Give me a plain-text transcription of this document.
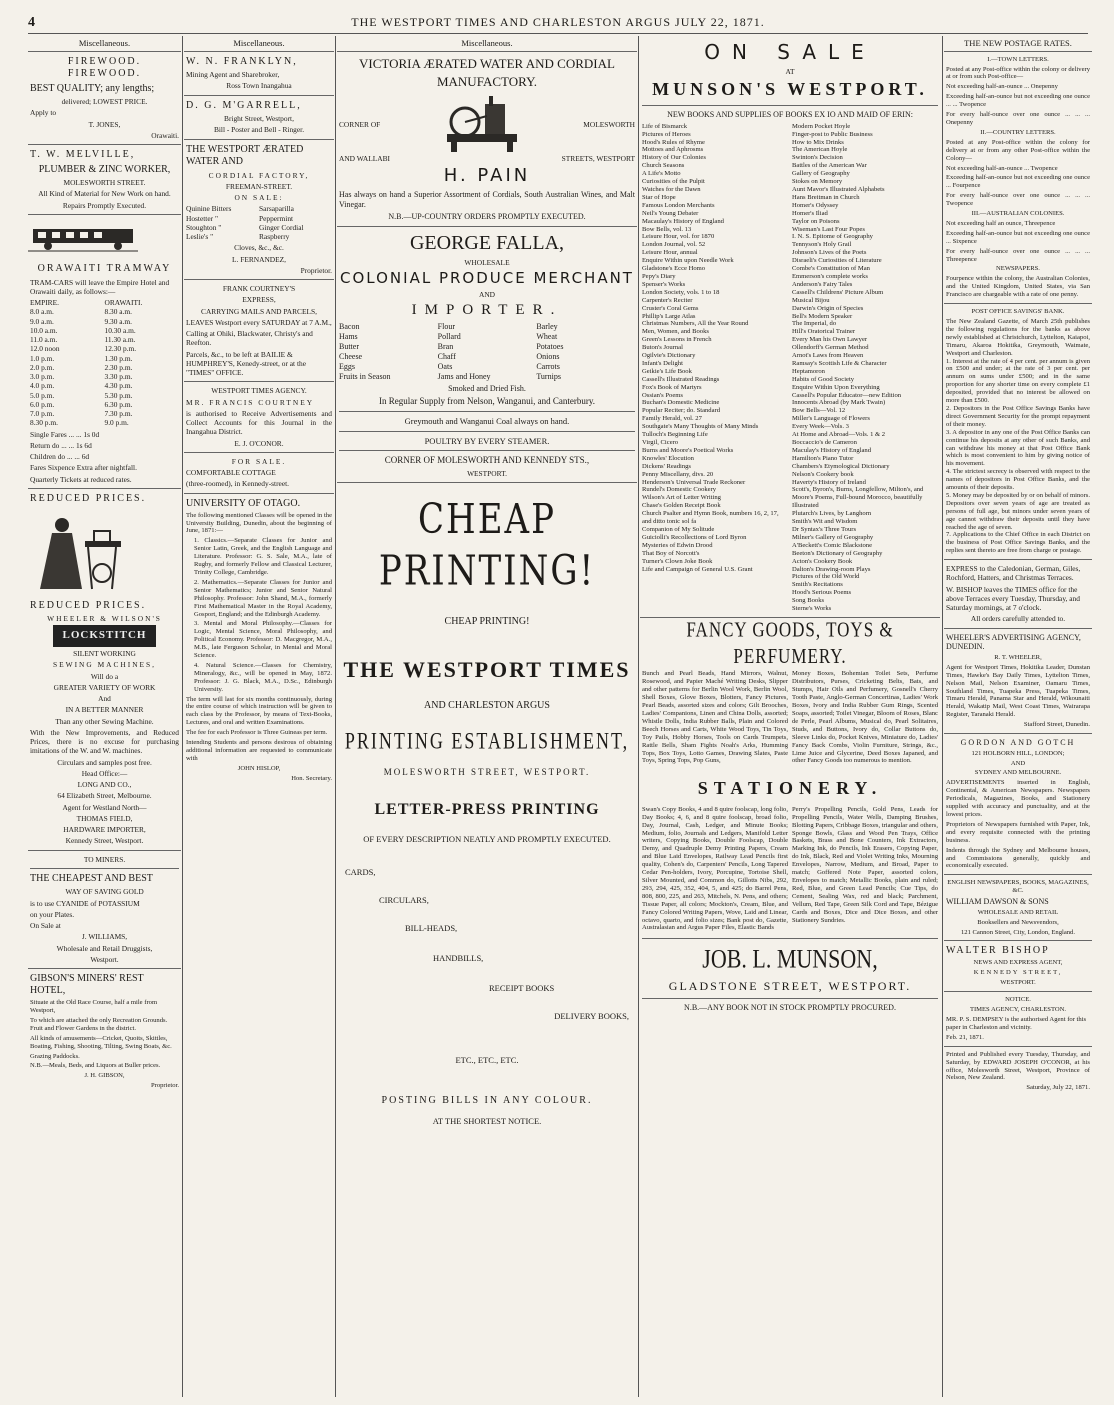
4	THE WESTPORT TIMES AND CHARLESTON ARGUS JULY 22, 1871.
Miscellaneous.

FIREWOOD. FIREWOOD.

BEST QUALITY; any lengths;

delivered; LOWEST PRICE.

Apply to

T. JONES,

Orawaiti.

T. W. MELVILLE,

PLUMBER & ZINC WORKER,

MOLESWORTH STREET.

All Kind of Material for New Work on hand.

Repairs Promptly Executed.

ORAWAITI TRAMWAY

TRAM-CARS will leave the Empire Hotel and Orawaiti daily, as follows:—

EMPIRE.	ORAWAITI.
8.0 a.m.	8.30 a.m.
9.0 a.m.	9.30 a.m.
10.0 a.m.	10.30 a.m.
11.0 a.m.	11.30 a.m.
12.0 noon	12.30 p.m.
1.0 p.m.	1.30 p.m.
2.0 p.m.	2.30 p.m.
3.0 p.m.	3.30 p.m.
4.0 p.m.	4.30 p.m.
5.0 p.m.	5.30 p.m.
6.0 p.m.	6.30 p.m.
7.0 p.m.	7.30 p.m.
8.30 p.m.	9.0 p.m.

Single Fares ... ... 1s 0d

Return do ... ... 1s 6d

Children do ... ... 6d

Fares Sixpence Extra after nightfall.

Quarterly Tickets at reduced rates.

REDUCED PRICES.

REDUCED PRICES.

WHEELER & WILSON'S

LOCKSTITCH

SILENT WORKING

SEWING MACHINES,

Will do a

GREATER VARIETY OF WORK

And

IN A BETTER MANNER

Than any other Sewing Machine.

With the New Improvements, and Reduced Prices, there is no excuse for purchasing imitations of the W. and W. machines.

Circulars and samples post free.

Head Office:—

LONG AND CO.,

64 Elizabeth Street, Melbourne.

Agent for Westland North—

THOMAS FIELD,

HARDWARE IMPORTER,

Kennedy Street, Westport.

TO MINERS.

THE CHEAPEST AND BEST

WAY OF SAVING GOLD

is to use CYANIDE of POTASSIUM

on your Plates.

On Sale at

J. WILLIAMS,

Wholesale and Retail Druggists,

Westport.

GIBSON'S MINERS' REST HOTEL,

Situate at the Old Race Course, half a mile from Westport,

To which are attached the only Recreation Grounds. Fruit and Flower Gardens in the district.

All kinds of amusements—Cricket, Quoits, Skittles, Boating, Fishing, Shooting, Tilting, Swing Boats, &c.

Grazing Paddocks.

N.B.—Meals, Beds, and Liquors at Buller prices.

J. H. GIBSON,

Proprietor.

Miscellaneous.

W. N. FRANKLYN,

Mining Agent and Sharebroker,

Ross Town Inangahua

D. G. M'GARRELL,

Bright Street, Westport,

Bill - Poster and Bell - Ringer.

THE WESTPORT ÆRATED WATER AND

CORDIAL FACTORY,

FREEMAN-STREET.

ON SALE:

Quinine Bitters	Sarsaparilla
Hostetter "	Peppermint
Stoughton "	Ginger Cordial
Leslie's "	Raspberry

Cloves, &c., &c.

L. FERNANDEZ,

Proprietor.

FRANK COURTNEY'S

EXPRESS,

CARRYING MAILS AND PARCELS,

LEAVES Westport every SATURDAY at 7 A.M.,

Calling at Ohiki, Blackwater, Christy's and Reefton.

Parcels, &c., to be left at BAILIE & HUMPHREY'S, Kenedy-street, or at the "TIMES" OFFICE.

WESTPORT TIMES AGENCY.

MR. FRANCIS COURTNEY

is authorised to Receive Advertisements and Collect Accounts for this Journal in the Inangahua District.

E. J. O'CONOR.

FOR SALE.

COMFORTABLE COTTAGE

(three-roomed), in Kennedy-street.

UNIVERSITY OF OTAGO.

The following mentioned Classes will be opened in the University Building, Dunedin, about the beginning of June, 1871:—

1. Classics.—Separate Classes for Junior and Senior Latin, Greek, and the English Language and Literature. Professor: G. S. Sale, M.A., late of Rugby, and formerly Fellow and Classical Lecturer, Trinity College, Cambridge.

2. Mathematics.—Separate Classes for Junior and Senior Mathematics; Junior and Senior Natural Philosophy. Professor: John Shand, M.A., formerly First Mathematical Master in the Royal Academy, Gosport, England; and the Edinburgh Academy.

3. Mental and Moral Philosophy.—Classes for Logic, Mental Science, Moral Philosophy, and Political Economy. Professor: D. Macgregor, M.A., M.B., late Ferguson Scholar, in Mental and Moral Science.

4. Natural Science.—Classes for Chemistry, Mineralogy, &c., will be opened in May, 1872. Professor: J. G. Black, M.A., D.Sc., Edinburgh University.

The term will last for six months continuously, during the entire course of which instruction will be given to each class by the Professor, by means of Text-Books, Lectures, and oral and written Examinations.

The fee for each Professor is Three Guineas per term.

Intending Students and persons desirous of obtaining additional information are requested to communicate with

JOHN HISLOP,

Hon. Secretary.

Miscellaneous.

VICTORIA ÆRATED WATER AND CORDIAL

MANUFACTORY.

CORNER OF	MOLESWORTH
AND WALLABI	STREETS, WESTPORT

H. PAIN

Has always on hand a Superior Assortment of Cordials, South Australian Wines, and Malt Vinegar.

N.B.—UP-COUNTRY ORDERS PROMPTLY EXECUTED.

GEORGE FALLA,

WHOLESALE

COLONIAL PRODUCE MERCHANT

AND

IMPORTER.

Bacon	Flour	Barley
Hams	Pollard	Wheat
Butter	Bran	Potatoes
Cheese	Chaff	Onions
Eggs	Oats	Carrots
Fruits in Season	Jams and Honey	Turnips

Smoked and Dried Fish.

In Regular Supply from Nelson, Wanganui, and Canterbury.

Greymouth and Wanganui Coal always on hand.

POULTRY BY EVERY STEAMER.

CORNER OF MOLESWORTH AND KENNEDY STS.,

WESTPORT.

CHEAP PRINTING!

CHEAP PRINTING!

THE WESTPORT TIMES

AND CHARLESTON ARGUS

PRINTING ESTABLISHMENT,

MOLESWORTH STREET, WESTPORT.

LETTER-PRESS PRINTING

OF EVERY DESCRIPTION NEATLY AND PROMPTLY EXECUTED.

CARDS,
CIRCULARS,
BILL-HEADS,
HANDBILLS,
RECEIPT BOOKS
DELIVERY BOOKS,

ETC., ETC., ETC.

POSTING BILLS IN ANY COLOUR.

AT THE SHORTEST NOTICE.

ON SALE

AT

MUNSON'S WESTPORT.

NEW BOOKS AND SUPPLIES OF BOOKS EX IO AND MAID OF ERIN:

Life of Bismarck
Pictures of Heroes
Hood's Rules of Rhyme
Mottoes and Aphrosms
History of Our Colonies
Church Seasons
A Life's Motto
Curiosities of the Pulpit
Watches for the Dawn
Star of Hope
Famous London Merchants
Neil's Young Debater
Macaulay's History of England
Bow Bells, vol. 13
Leisure Hour, vol. for 1870
London Journal, vol. 52
Leisure Hour, annual
Enquire Within upon Needle Work
Gladstone's Ecce Homo
Pepy's Diary
Spenser's Works
London Society, vols. 1 to 18
Carpenter's Reciter
Cruster's Coral Gems
Phillip's Large Atlas
Christmas Numbers, All the Year Round
Men, Women, and Books
Green's Lessons in French
Buton's Journal
Ogilvie's Dictionary
Infant's Delight
Geikie's Life Book
Cassell's Illustrated Readings
Fox's Book of Martyrs
Ossian's Poems
Buchan's Domestic Medicine
Popular Reciter; do. Standard
Family Herald, vol. 27
Southgate's Many Thoughts of Many Minds
Tulloch's Beginning Life
Virgil, Cicero
Burns and Moore's Poetical Works
Knowles' Elocution
Dickens' Readings
Penny Miscellany, divs. 20
Henderson's Universal Trade Reckoner
Rundel's Domestic Cookery
Wilson's Art of Letter Writing
Chase's Golden Receipt Book
Church Psalter and Hymn Book, numbers 16, 2, 17, and ditto tonic sol fa
Companion of My Solitude
Guiciolli's Recollections of Lord Byron
Mysteries of Edwin Drood
That Boy of Norcott's
Turner's Clown Joke Book
Life and Campaign of General U.S. Grant
Modern Pocket Hoyle
Finger-post to Public Business
How to Mix Drinks
The American Hoyle
Swinton's Decision
Battles of the American War
Gallery of Geography
Stokes on Memory
Aunt Mavor's Illustrated Alphabets
Hans Breitman in Church
Homer's Odyssey
Homer's Iliad
Taylor on Poisons
Wiseman's Last Four Popes
I. N. S. Epitome of Geography
Tennyson's Holy Grail
Johnson's Lives of the Poets
Disraeli's Curiosities of Literature
Combe's Constitution of Man
Emmerson's complete works
Anderson's Fairy Tales
Cassell's Childrens' Picture Album
Musical Bijou
Darwin's Origin of Species
Bell's Modern Speaker
The Imperial, do
Hill's Oratorical Trainer
Every Man his Own Lawyer
Ollendorff's German Method
Arnot's Laws from Heaven
Ramsay's Scottish Life & Character
Heptamoron
Habits of Good Society
Enquire Within Upon Everything
Cassell's Popular Educator—new Edition
Innocents Abroad (by Mark Twain)
Bow Bells—Vol. 12
Miller's Language of Flowers
Every Week—Vols. 3
At Home and Abroad—Vols. 1 & 2
Boccaccio's de Cameron
Maculay's History of England
Hamilton's Piano Tutor
Chambers's Etymological Dictionary
Nelson's Cookery book
Haverty's History of Ireland
Scott's, Byron's, Burns, Longfellow, Milton's, and Moore's Poems, Full-bound Morocco, beautifully Illustrated
Plutarch's Lives, by Langhorn
Smith's Wit and Wisdom
Dr Syntax's Three Tours
Milner's Gallery of Geography
A'Beckett's Comic Blackstone
Beeton's Dictionary of Geography
Acton's Cookery Book
Dalton's Drawing-room Plays
Pictures of the Old World
Smith's Recitations
Hood's Serious Poems
Song Books
Sterne's Works

FANCY GOODS, TOYS & PERFUMERY.

Bunch and Pearl Beads, Hand Mirrors, Walnut, Rosewood, and Papier Maché Writing Desks, Slipper and other patterns for Berlin Wool Work, Berlin Wool, Shell Boxes, Glove Boxes, Blotters, Fancy Pictures, Pearl Beads, assorted sizes and colors; Gilt Brooches, Ladies' Companions, Linen and China Dolls, assorted; Whistle Dolls, India Rubber Balls, Plain and Colored Beech Horses and Carts, White Wood Toys, Tin Toys, Toy Pails, Hobby Horses, Tools on Cards Trumpets, Rattle Bells, Sham Fights Noah's Arks, Humming Tops, Box Toys, Lotto Games, Drawing Slates, Paste Toys, Spring Tops, Pop Guns,

Money Boxes, Bohemian Toilet Sets, Perfume Distributors, Purses, Cricketing Belts, Bats, and Stumps, Hair Oils and Perfumery, Gosnell's Cherry Tooth Paste, Anglo-German Concertinas, Ladies' Work Boxes, Ivory and India Rubber Gum Rings, Scented Soaps, assorted; Toilet Vinegar, Bloom of Roses, Blanc de Perle, Pearl Albums, Musical do, Pearl Solitaires, Studs, and Buttons, Ivory do, Collar Buttons do, Sleeve Links do, Pocket Knives, Miniature do, Ladies' Fancy Back Combs, Violin Furniture, Strings, &c., Lime Juice and Glycerine, Deed Boxes Japaned, and other Fancy Goods too numerous to mention.

STATIONERY.

Swan's Copy Books, 4 and 8 quire foolscap, long folio, Day Books; 4, 6, and 8 quire foolscap, broad folio, Day, Journal, Cash, Ledger, and Minute Books; Medium, folio, Journals and Ledgers, Manifold Letter writers, Copying Books, Double Foolscap, Double Demy, and Quadruple Demy Printing Papers, Cream and Blue Laid Envelopes, Railway Lead Pencils first quality, Cohen's do, Carpenters' Pencils, Long Tapered Cedar Pen-holders, Ivory, Porcupine, Tortoise Shell, Silver Mounted, and Common do, Gillotts Nibs, 292, 293, 294, 425, 352, 404, 5, and 425; do Barrel Pens, 808, 800, 225, and 263, Mitchels, N. Pens, and others; Tissue Paper, all colors; Mockton's, Cream, Blue, and Fancy Colored Writing Papers, Wove, Laid and Linear, octavo, quarto, and folio sizes; Bank post do, Gazette, Australasian and Argus Paper Files, Elastic Bands

Perry's Propelling Pencils, Gold Pens, Leads for Propelling Pencils, Water Wells, Damping Brushes, Blotting Papers, Cribbage Boxes, triangular and others, Sponge Bowls, Glass and Wood Pen Trays, Office Baskets, Brass and Bone Counters, Ink Extractors, Marking Ink, do Pencils, Ink Erasers, Copying Paper, do Ink, Black, Red and Violet Writing Inks, Mourning Envelopes, Narrow, Medium, and Broad, Paper to match; Goffered Note Paper, assorted colors, Envelopes to match; Metallic Books, plain and ruled; Red, Blue, and Green Lead Pencils; Cue Tips, do Cement, Sealing Wax, red and black; Parchment, Vellum, Red Tape, Green Silk Cord and Tape, Bézigue Cards and Boxes, Dice and Dice Boxes, and other Stationery Sundries.

JOB. L. MUNSON,

GLADSTONE STREET, WESTPORT.

N.B.—ANY BOOK NOT IN STOCK PROMPTLY PROCURED.

THE NEW POSTAGE RATES.

I.—TOWN LETTERS.

Posted at any Post-office within the colony or delivery at or from such Post-office—

Not exceeding half-an-ounce ... Onepenny

Exceeding half-an-ounce but not exceeding one ounce ... ... Twopence

For every half-ounce over one ounce ... ... ... Onepenny

II.—COUNTRY LETTERS.

Posted at any Post-office within the colony for delivery at or from any other Post-office within the Colony—

Not exceeding half-an-ounce ... Twopence

Exceeding half-an-ounce but not exceeding one ounce ... Fourpence

For every half-ounce over one ounce ... ... ... Twopence

III.—AUSTRALIAN COLONIES.

Not exceeding half an ounce, Threepence

Exceeding half-an-ounce but not exceeding one ounce ... Sixpence

For every half-ounce over one ounce ... ... ... Threepence

NEWSPAPERS.

Fourpence within the colony, the Australian Colonies, and the United Kingdom, United States, via San Francisco are chargeable with a rate of one penny.

POST OFFICE SAVINGS' BANK.

The New Zealand Gazette, of March 25th publishes the following regulations for the banks as above newly established at Christchurch, Lyttelton, Kaiapoi, Timaru, Akaroa Hokitika, Greymouth, Waimate, Westport and Charleston.
1. Interest at the rate of 4 per cent. per annum is given on £500 and under; at the rate of 3 per cent. per annum on sums under £500; and in the same proportion for any shorter time on every complete £1 deposited, provided that no interest be allowed on more than £500.
2. Depositors in the Post Office Savings Banks have direct Government Security for the prompt repayment of their money.
3. A depositor in any one of the Post Office Banks can continue his deposits at any other of such Banks, and can withdraw his money at that Post Office Bank which is most convenient to him by giving notice of his movement.
4. The strictest secrecy is observed with respect to the names of depositors in Post Office Banks, and the amounts of their deposits.
5. Money may be deposited by or on behalf of minors. Depositors over seven years of age are treated as persons of full age, but minors under seven years of age cannot withdraw their deposits until they have reached the age of seven.
7. Applications to the Chief Office in each District on the business of Post Office Savings Banks, and the replies sent thereto are free from charge or postage.

EXPRESS to the Caledonian, German, Giles, Rochford, Hatters, and Christmas Terraces.

W. BISHOP leaves the TIMES office for the above Terraces every Tuesday, Thursday, and Saturday mornings, at 7 o'clock.

All orders carefully attended to.

WHEELER'S ADVERTISING AGENCY, DUNEDIN.

R. T. WHEELER,

Agent for Westport Times, Hokitika Leader, Dunstan Times, Hawke's Bay Daily Times, Lyttelton Times, Nelson Mail, Nelson Examiner, Oamaru Times, Southland Times, Tuapeka Press, Tuapeka Times, Timaru Herald, Panama Star and Herald, Wikounaiti Herald, Wakatip Mail, West Coast Times, Wairarapa Register, Taranaki Herald.

Stafford Street, Dunedin.

GORDON AND GOTCH

121 HOLBORN HILL, LONDON;

AND

SYDNEY AND MELBOURNE.

ADVERTISEMENTS inserted in English, Continental, & American Newspapers. Newspapers Periodicals, Magazines, Books, and Stationery supplied with accuracy and punctuality, and at the lowest prices.

Proprietors of Newspapers furnished with Paper, Ink, and every requisite connected with the printing business.

Indents through the Sydney and Melbourne houses, and Commissions generally, quickly and economically executed.

ENGLISH NEWSPAPERS, BOOKS, MAGAZINES, &C.

WILLIAM DAWSON & SONS

WHOLESALE AND RETAIL

Booksellers and Newsvendors,

121 Cannon Street, City, London, England.

WALTER BISHOP

NEWS AND EXPRESS AGENT,

KENNEDY STREET,

WESTPORT.

NOTICE.

TIMES AGENCY, CHARLESTON.

MR. P. S. DEMPSEY is the authorised Agent for this paper in Charleston and vicinity.

Feb. 21, 1871.

Printed and Published every Tuesday, Thursday, and Saturday, by EDWARD JOSEPH O'CONOR, at his office, Molesworth Street, Westport, Province of Nelson, New Zealand.

Saturday, July 22, 1871.
